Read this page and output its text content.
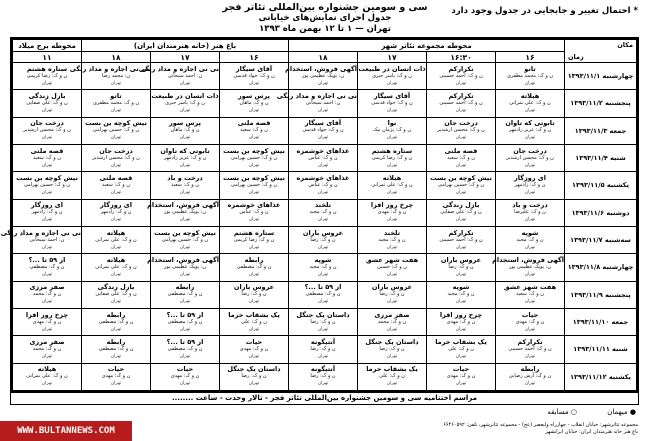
سی و سومین جشنواره بین‌المللی تئاتر فجر
جدول اجرای نمایش‌های خیابانی
تهران — ۱ تا ۱۲ بهمن ماه ۱۳۹۳
* احتمال تغییر و جابجایی در جدول وجود دارد
مکان
زمان	محوطه مجموعه تئاتر شهر				باغ هنر (خانه هنرمندان ایران)			محوطه برج میلاد
	۱۶	۱۶:۳۰	۱۷	۱۸	۱۶	۱۷	۱۸	۱۱
چهارشنبه ۱۳۹۳/۱۱/۱	تاتو
ن و ک: محمد مظفری
تهران	تکرارکم
ن و ک: احمد حسینی
تهران	ذات انسان در طبیعت
ن و ک: یاسر جبری
تهران	آگهی فروش، استخدام
ن: پوپک عظیمی پور
تهران	آقای سیگار
ن و ک: جواد قدسی
تهران	نی نی اجازه و مداد رنگی
ن: احمد سیحانی
تهران	نی نی اجازه و مداد رنگی
ن: محمد رضا
تهران	ستاره هشتم
ن و ک: رضا کریمی
تهران

پنجشنبه ۱۳۹۳/۱۱/۲	هیلاته
ن و ک: علی نمرانی
تهران	تکرارکم
ن و ک: احمد حسینی
تهران	آقای سیگار
ن و ک: جواد قدسی
تهران	نی نی اجازه و مداد رنگی
ن: احمد سیحانی
تهران	پرس سور
ن و ک: ماهان
تهران	ذات انسان در طبیعت
ن و ک: یاسر جبری
تهران	تاتو
ن و ک: محمد مظفری
تهران	بازل زندگی
ن و ک: علی صفایی
تهران

جمعه ۱۳۹۳/۱۱/۳	تابوتی که تاوان
ن و ک: عزیز زادمهر
تهران	درخت جان
ن و ک: محسن ارشدیر
تهران	نوا
ن و ک: پژمان نیک
تهران	آقای سیگار
ن و ک: جواد قدسی
تهران	قصه ملتی
ن و ک: سعید
تهران	پرس سور
ن و ک: ماهان
تهران	نیش کوچه بن بست
ن و ک: حسین بهرامی
تهران	درخت جان
ن و ک: محسن ارشدیر
تهران

شنبه ۱۳۹۳/۱۱/۴	درخت جان
ن و ک: محسن ارشدیر
تهران	قصه ملتی
ن و ک: سعید
تهران	ستاره هشتم
ن و ک: رضا کریمی
تهران	غذاهای خوشمزه
ن و ک: عباس
تهران	نیش کوچه بن بست
ن و ک: حسین بهرامی
تهران	تابوتی که تاوان
ن و ک: عزیز زادمهر
تهران	درخت جان
ن و ک: محسن ارشدیر
تهران	قصه ملتی
ن و ک: سعید
تهران

یکشنبه ۱۳۹۳/۱۱/۵	ای روزگار
ن و ک: زادمهر
تهران	نیش کوچه بن بست
ن و ک: حسین بهرامی
تهران	هیلاته
ن و ک: علی نمرانی
تهران	غذاهای خوشمزه
ن و ک: عباس
تهران	نیش کوچه بن بست
ن و ک: حسین بهرامی
تهران	درخت و باد
ن و ک: سعید
تهران	قصه ملتی
ن و ک: سعید
تهران	نیش کوچه بن بست
ن و ک: حسین بهرامی
تهران

دوشنبه ۱۳۹۳/۱۱/۶	درخت و باد
ن و ک: علیرضا
تهران	بازل زندگی
ن و ک: علی صفایی
تهران	چرخ روز افزا
ن و ک: مهدی
تهران	تلخند
ن و ک: مجید
تهران	غذاهای خوشمزه
ن و ک: عباس
تهران	آگهی فروش، استخدام
ن: پوپک عظیمی پور
تهران	ای روزگار
ن و ک: زادمهر
تهران	ای روزگار
ن و ک: زادمهر
تهران

سه‌شنبه ۱۳۹۳/۱۱/۷	شوپه
ن و ک: مجید
تهران	تکرارکم
ن و ک: احمد حسینی
تهران	تلخند
ن و ک: مجید
تهران	عروس باران
ن و ک: رضا
تهران	ستاره هشتم
ن و ک: رضا کریمی
تهران	نیش کوچه بن بست
ن و ک: حسین بهرامی
تهران	هیلاته
ن و ک: علی نمرانی
تهران	نی نی اجازه و مداد رنگی
ن: احمد سیحانی
تهران

چهارشنبه ۱۳۹۳/۱۱/۸	آگهی فروش، استخدام
ن: پوپک عظیمی پور
تهران	عروس باران
ن و ک: رضا
تهران	هفت شهر عشق
ن و ک: حسین
تهران	شوپه
ن و ک: مجید
تهران	رابطه
ن و ک: مصطفی
تهران	آگهی فروش، استخدام
ن: پوپک عظیمی پور
تهران	هیلاته
ن و ک: علی نمرانی
تهران	از ۵۹ تا ...؟
ن و ک: مصطفی
تهران

پنجشنبه ۱۳۹۳/۱۱/۹	هفت شهر عشق
ن و ک: سعید
تهران	شوپه
ن و ک: مجید
تهران	عروس باران
ن و ک: رضا
تهران	از ۵۹ تا ...؟
ن و ک: مصطفی
تهران	عروس باران
ن و ک: رضا
تهران	رابطه
ن و ک: مصطفی
تهران	بازل زندگی
ن و ک: علی صفایی
تهران	صفر مرزی
ن و ک: محمد
تهران

جمعه ۱۳۹۳/۱۱/۱۰	حیات
ن و ک: مهدی
تهران	چرخ روز افزا
ن و ک: مهدی
تهران	صفر مرزی
ن و ک: محمد
تهران	داستان یک جنگل
ن و ک: رضا
تهران	یک بشقاب خرما
ن و ک: علی
تهران	از ۵۹ تا ...؟
ن و ک: مصطفی
تهران	رابطه
ن و ک: مصطفی
تهران	چرخ روز افزا
ن و ک: مهدی
تهران

شنبه ۱۳۹۳/۱۱/۱۱	تکرارکم
ن و ک: احمد حسینی
تهران	یک بشقاب خرما
ن و ک: علی
تهران	داستان یک جنگل
ن و ک: رضا
تهران	آنتیگونه
ن و ک: رضا
تهران	حیات
ن و ک: مهدی
تهران	از ۵۹ تا ...؟
ن و ک: مصطفی
تهران	رابطه
ن و ک: مصطفی
تهران	صفر مرزی
ن و ک: محمد
تهران

یکشنبه ۱۳۹۳/۱۱/۱۲	رابطه
ن و ک: آرش رضایی
تهران	حیات
ن و ک: مهدی
تهران	یک بشقاب خرما
ن و ک: علی
تهران	آنتیگونه
ن و ک: رضا
تهران	داستان یک جنگل
ن و ک: رضا
تهران	حیات
ن و ک: مهدی
تهران	حیات
ن و ک: مهدی
تهران	هیلاته
ن و ک: علی نمرانی
تهران
مراسم اختتامیه سی و سومین جشنواره بین‌المللی تئاتر فجر - تالار وحدت - ساعت ........
● میهمان ○ مسابقه
WWW.BULTANNEWS.COM
مجموعه تئاترشهر: خیابان انقلاب - چهارراه ولیعصر (عج) - مجموعه تئاترشهر، تلفن: ۶۶۴۶۰۵۹۲
باغ هنر خانه هنرمندان ایران: خیابان ایرانشهر
